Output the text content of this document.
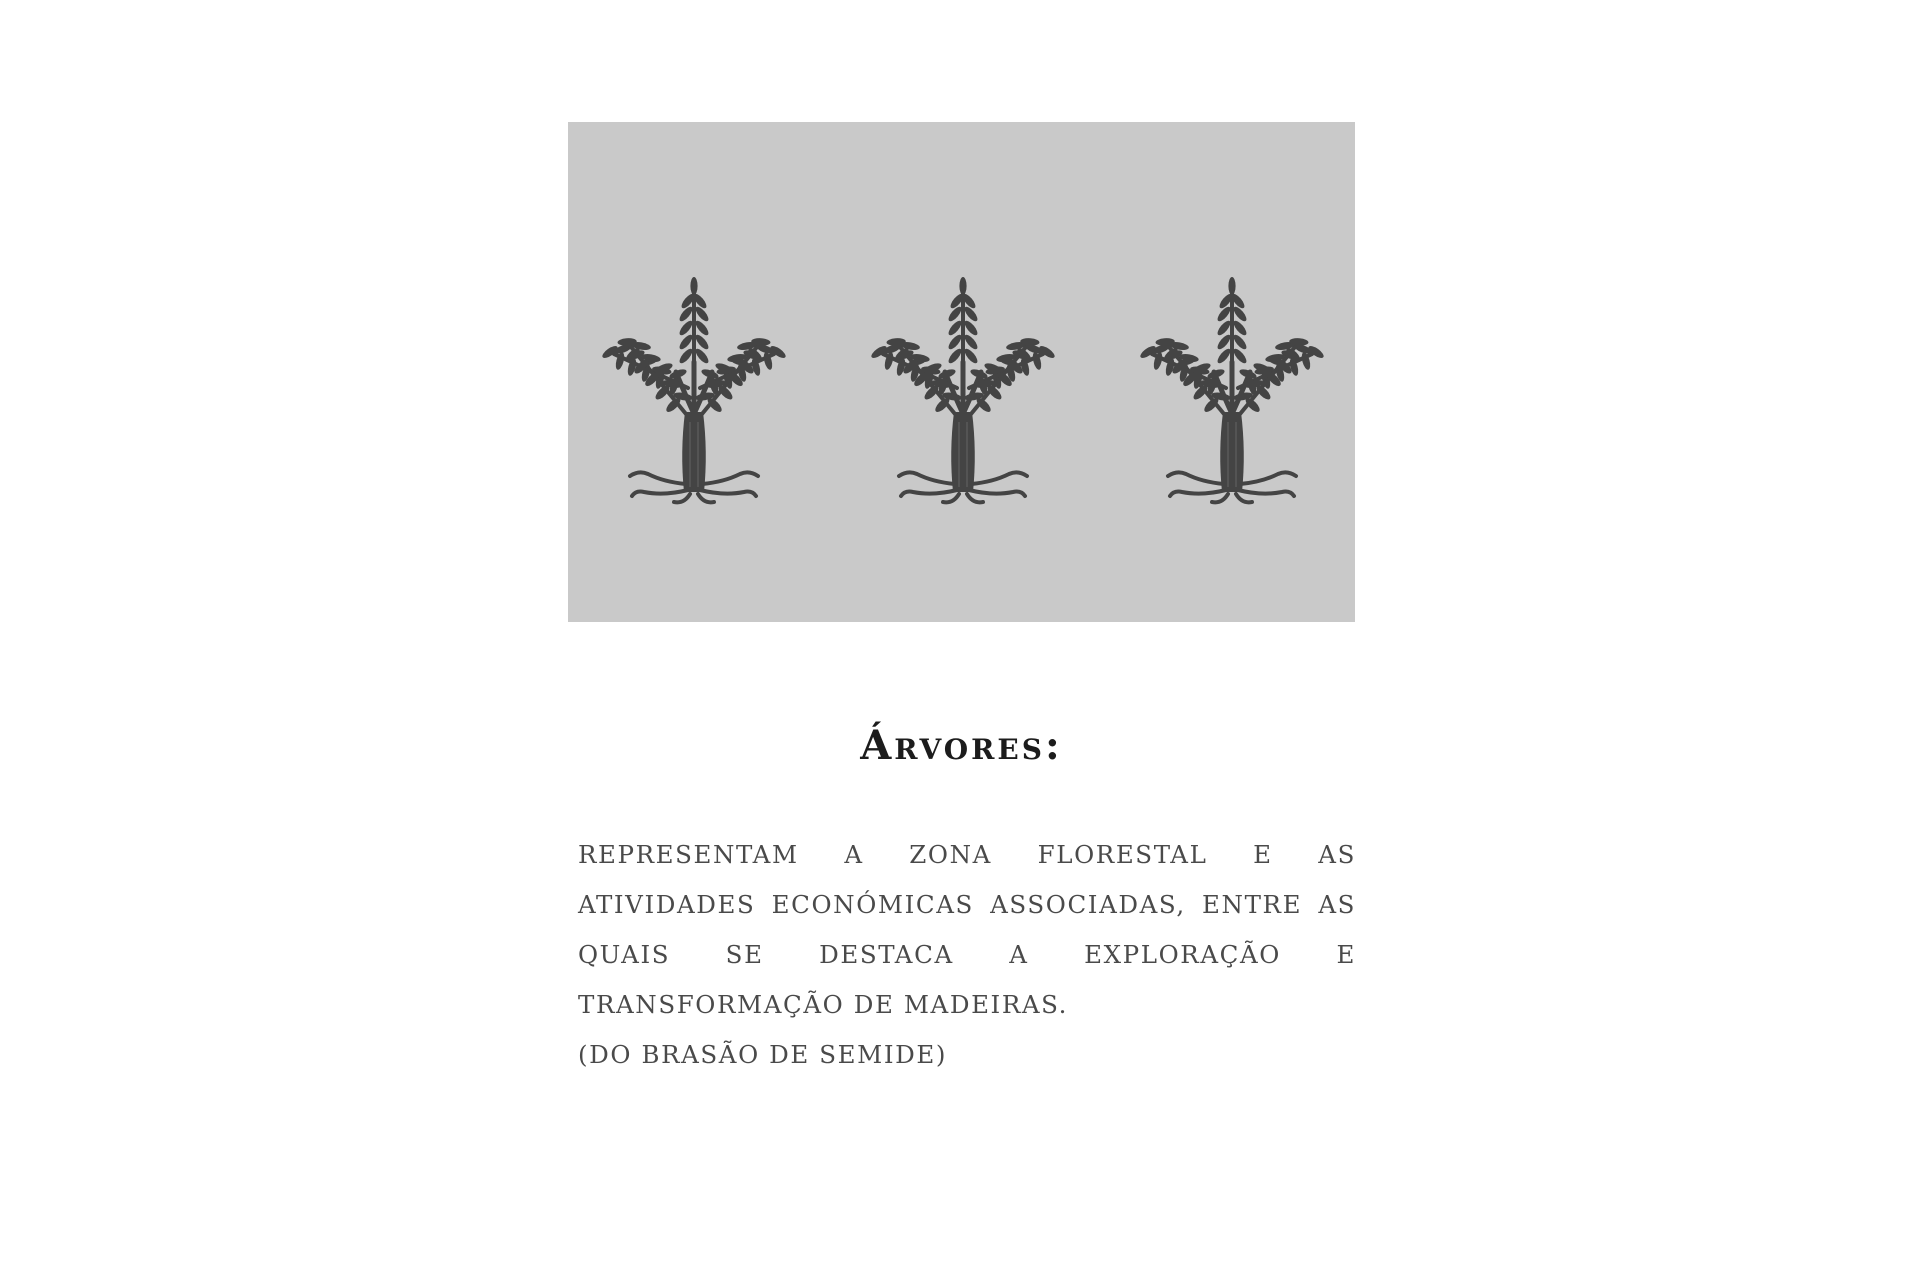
Árvores:

REPRESENTAM A ZONA FLORESTAL E AS ATIVIDADES ECONÓMICAS ASSOCIADAS, ENTRE AS QUAIS SE DESTACA A EXPLORAÇÃO E TRANSFORMAÇÃO DE MADEIRAS.

(DO BRASÃO DE SEMIDE)
